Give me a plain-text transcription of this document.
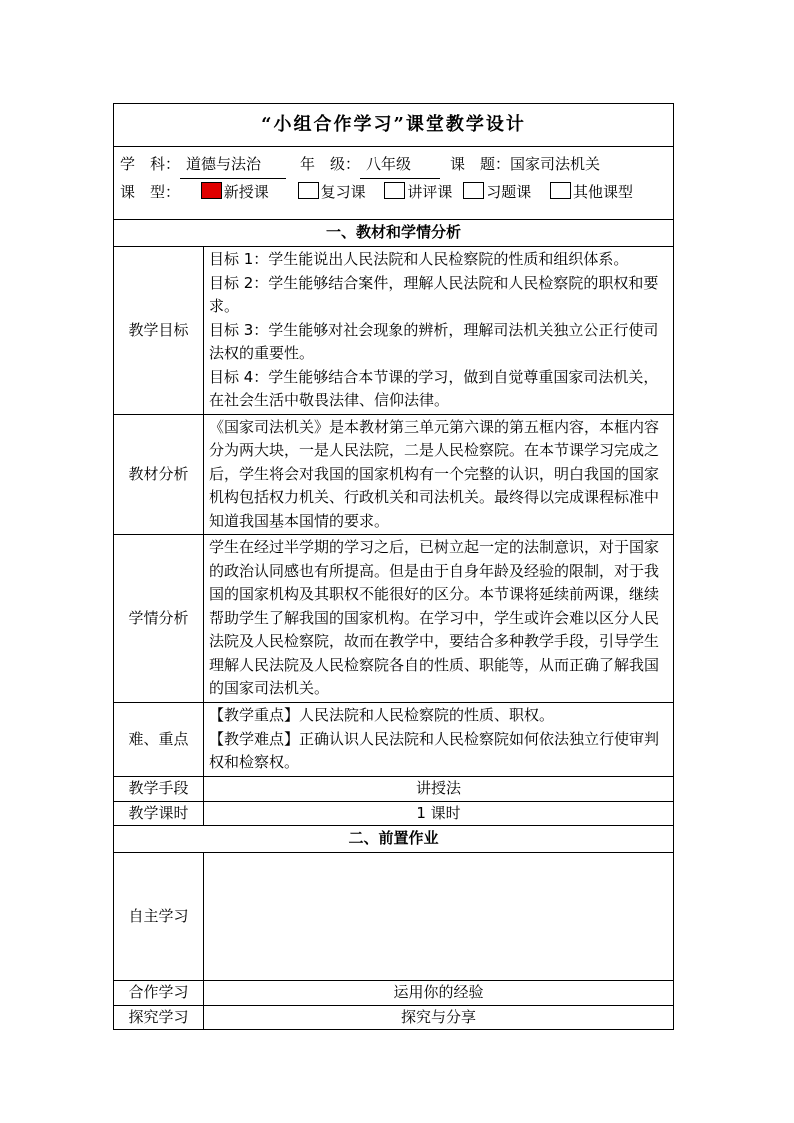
“小组合作学习”课堂教学设计	

学　科： 道德与法治 年　级： 八年级 课　题：国家司法机关
课　型： 新授课 复习课 讲评课 习题课 其他课型	

一、教材和学情分析	
教学目标	目标 1：学生能说出人民法院和人民检察院的性质和组织体系。
目标 2：学生能够结合案件，理解人民法院和人民检察院的职权和要求。
目标 3：学生能够对社会现象的辨析，理解司法机关独立公正行使司法权的重要性。
目标 4：学生能够结合本节课的学习，做到自觉尊重国家司法机关，在社会生活中敬畏法律、信仰法律。

教材分析	《国家司法机关》是本教材第三单元第六课的第五框内容，本框内容分为两大块，一是人民法院，二是人民检察院。在本节课学习完成之后，学生将会对我国的国家机构有一个完整的认识，明白我国的国家机构包括权力机关、行政机关和司法机关。最终得以完成课程标准中知道我国基本国情的要求。
学情分析	学生在经过半学期的学习之后，已树立起一定的法制意识，对于国家的政治认同感也有所提高。但是由于自身年龄及经验的限制，对于我国的国家机构及其职权不能很好的区分。本节课将延续前两课，继续帮助学生了解我国的国家机构。在学习中，学生或许会难以区分人民法院及人民检察院，故而在教学中，要结合多种教学手段，引导学生理解人民法院及人民检察院各自的性质、职能等，从而正确了解我国的国家司法机关。
难、重点	【教学重点】人民法院和人民检察院的性质、职权。
【教学难点】正确认识人民法院和人民检察院如何依法独立行使审判权和检察权。

教学手段	讲授法
教学课时	1 课时
二、前置作业	
自主学习	
合作学习	运用你的经验
探究学习	探究与分享
